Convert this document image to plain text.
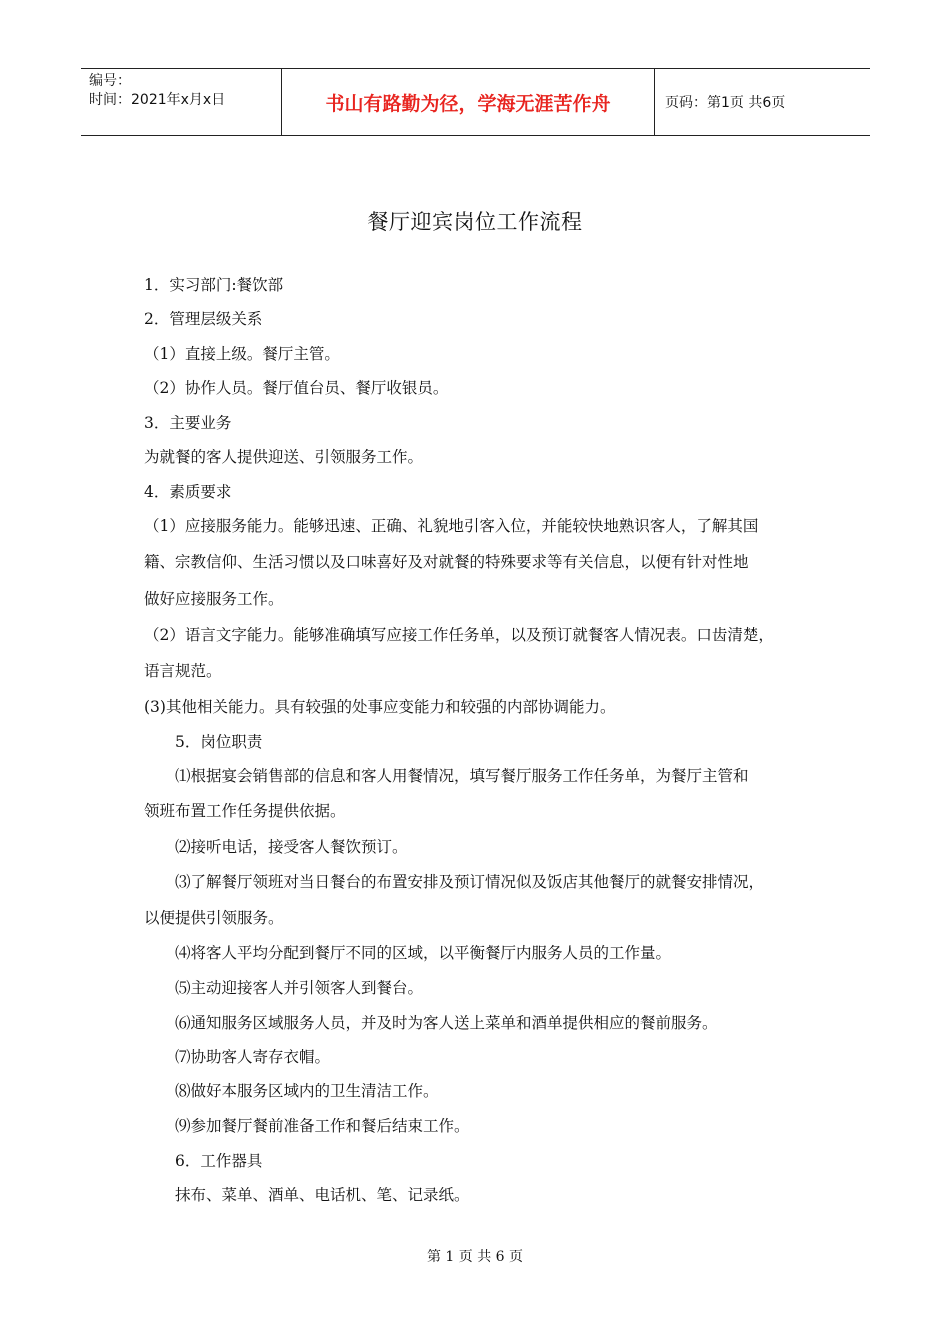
编号：
时间：2021年x月x日	书山有路勤为径，学海无涯苦作舟	页码：第1页 共6页
餐厅迎宾岗位工作流程
1．实习部门:餐饮部
2．管理层级关系
（1）直接上级。餐厅主管。
（2）协作人员。餐厅值台员、餐厅收银员。
3．主要业务
为就餐的客人提供迎送、引领服务工作。
4．素质要求
（1）应接服务能力。能够迅速、正确、礼貌地引客入位，并能较快地熟识客人，了解其国
籍、宗教信仰、生活习惯以及口味喜好及对就餐的特殊要求等有关信息，以便有针对性地
做好应接服务工作。
（2）语言文字能力。能够准确填写应接工作任务单，以及预订就餐客人情况表。口齿清楚，
语言规范。
(3)其他相关能力。具有较强的处事应变能力和较强的内部协调能力。
5．岗位职责
⑴根据宴会销售部的信息和客人用餐情况，填写餐厅服务工作任务单，为餐厅主管和
领班布置工作任务提供依据。
⑵接听电话，接受客人餐饮预订。
⑶了解餐厅领班对当日餐台的布置安排及预订情况似及饭店其他餐厅的就餐安排情况，
以便提供引领服务。
⑷将客人平均分配到餐厅不同的区域，以平衡餐厅内服务人员的工作量。
⑸主动迎接客人并引领客人到餐台。
⑹通知服务区域服务人员，并及时为客人送上菜单和酒单提供相应的餐前服务。
⑺协助客人寄存衣帽。
⑻做好本服务区域内的卫生清洁工作。
⑼参加餐厅餐前准备工作和餐后结束工作。
6．工作器具
抹布、菜单、酒单、电话机、笔、记录纸。
第 1 页 共 6 页
